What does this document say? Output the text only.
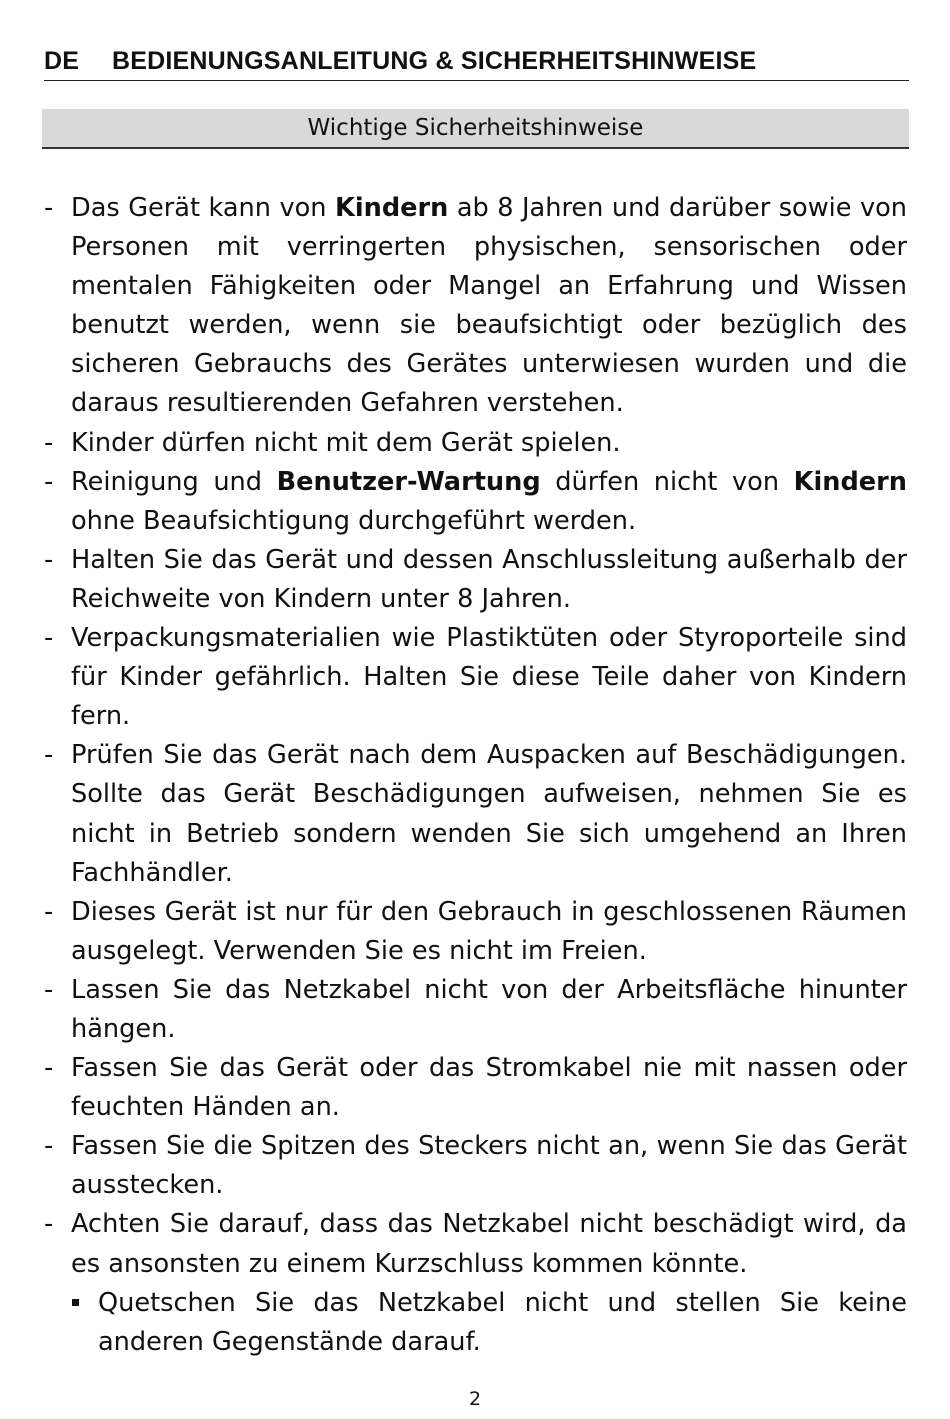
DE BEDIENUNGSANLEITUNG & SICHERHEITSHINWEISE
Wichtige Sicherheitshinweise
- Das Gerät kann von Kindern ab 8 Jahren und darüber sowie von Personen mit verringerten physischen, sensorischen oder mentalen Fähigkeiten oder Mangel an Erfahrung und Wissen benutzt werden, wenn sie beaufsichtigt oder bezüglich des sicheren Gebrauchs des Gerätes unterwiesen wurden und die daraus resultierenden Gefahren verstehen.
- Kinder dürfen nicht mit dem Gerät spielen.
- Reinigung und Benutzer-Wartung dürfen nicht von Kindern ohne Beaufsichtigung durchgeführt werden.
- Halten Sie das Gerät und dessen Anschlussleitung außerhalb der Reichweite von Kindern unter 8 Jahren.
- Verpackungsmaterialien wie Plastiktüten oder Styroporteile sind für Kinder gefährlich. Halten Sie diese Teile daher von Kindern fern.
- Prüfen Sie das Gerät nach dem Auspacken auf Beschädigungen. Sollte das Gerät Beschädigungen aufweisen, nehmen Sie es nicht in Betrieb sondern wenden Sie sich umgehend an Ihren Fachhändler.
- Dieses Gerät ist nur für den Gebrauch in geschlossenen Räumen ausgelegt. Verwenden Sie es nicht im Freien.
- Lassen Sie das Netzkabel nicht von der Arbeitsfläche hinunter hängen.
- Fassen Sie das Gerät oder das Stromkabel nie mit nassen oder feuchten Händen an.
- Fassen Sie die Spitzen des Steckers nicht an, wenn Sie das Gerät ausstecken.
- Achten Sie darauf, dass das Netzkabel nicht beschädigt wird, da es ansonsten zu einem Kurzschluss kommen könnte.
Quetschen Sie das Netzkabel nicht und stellen Sie keine anderen Gegenstände darauf.
2
